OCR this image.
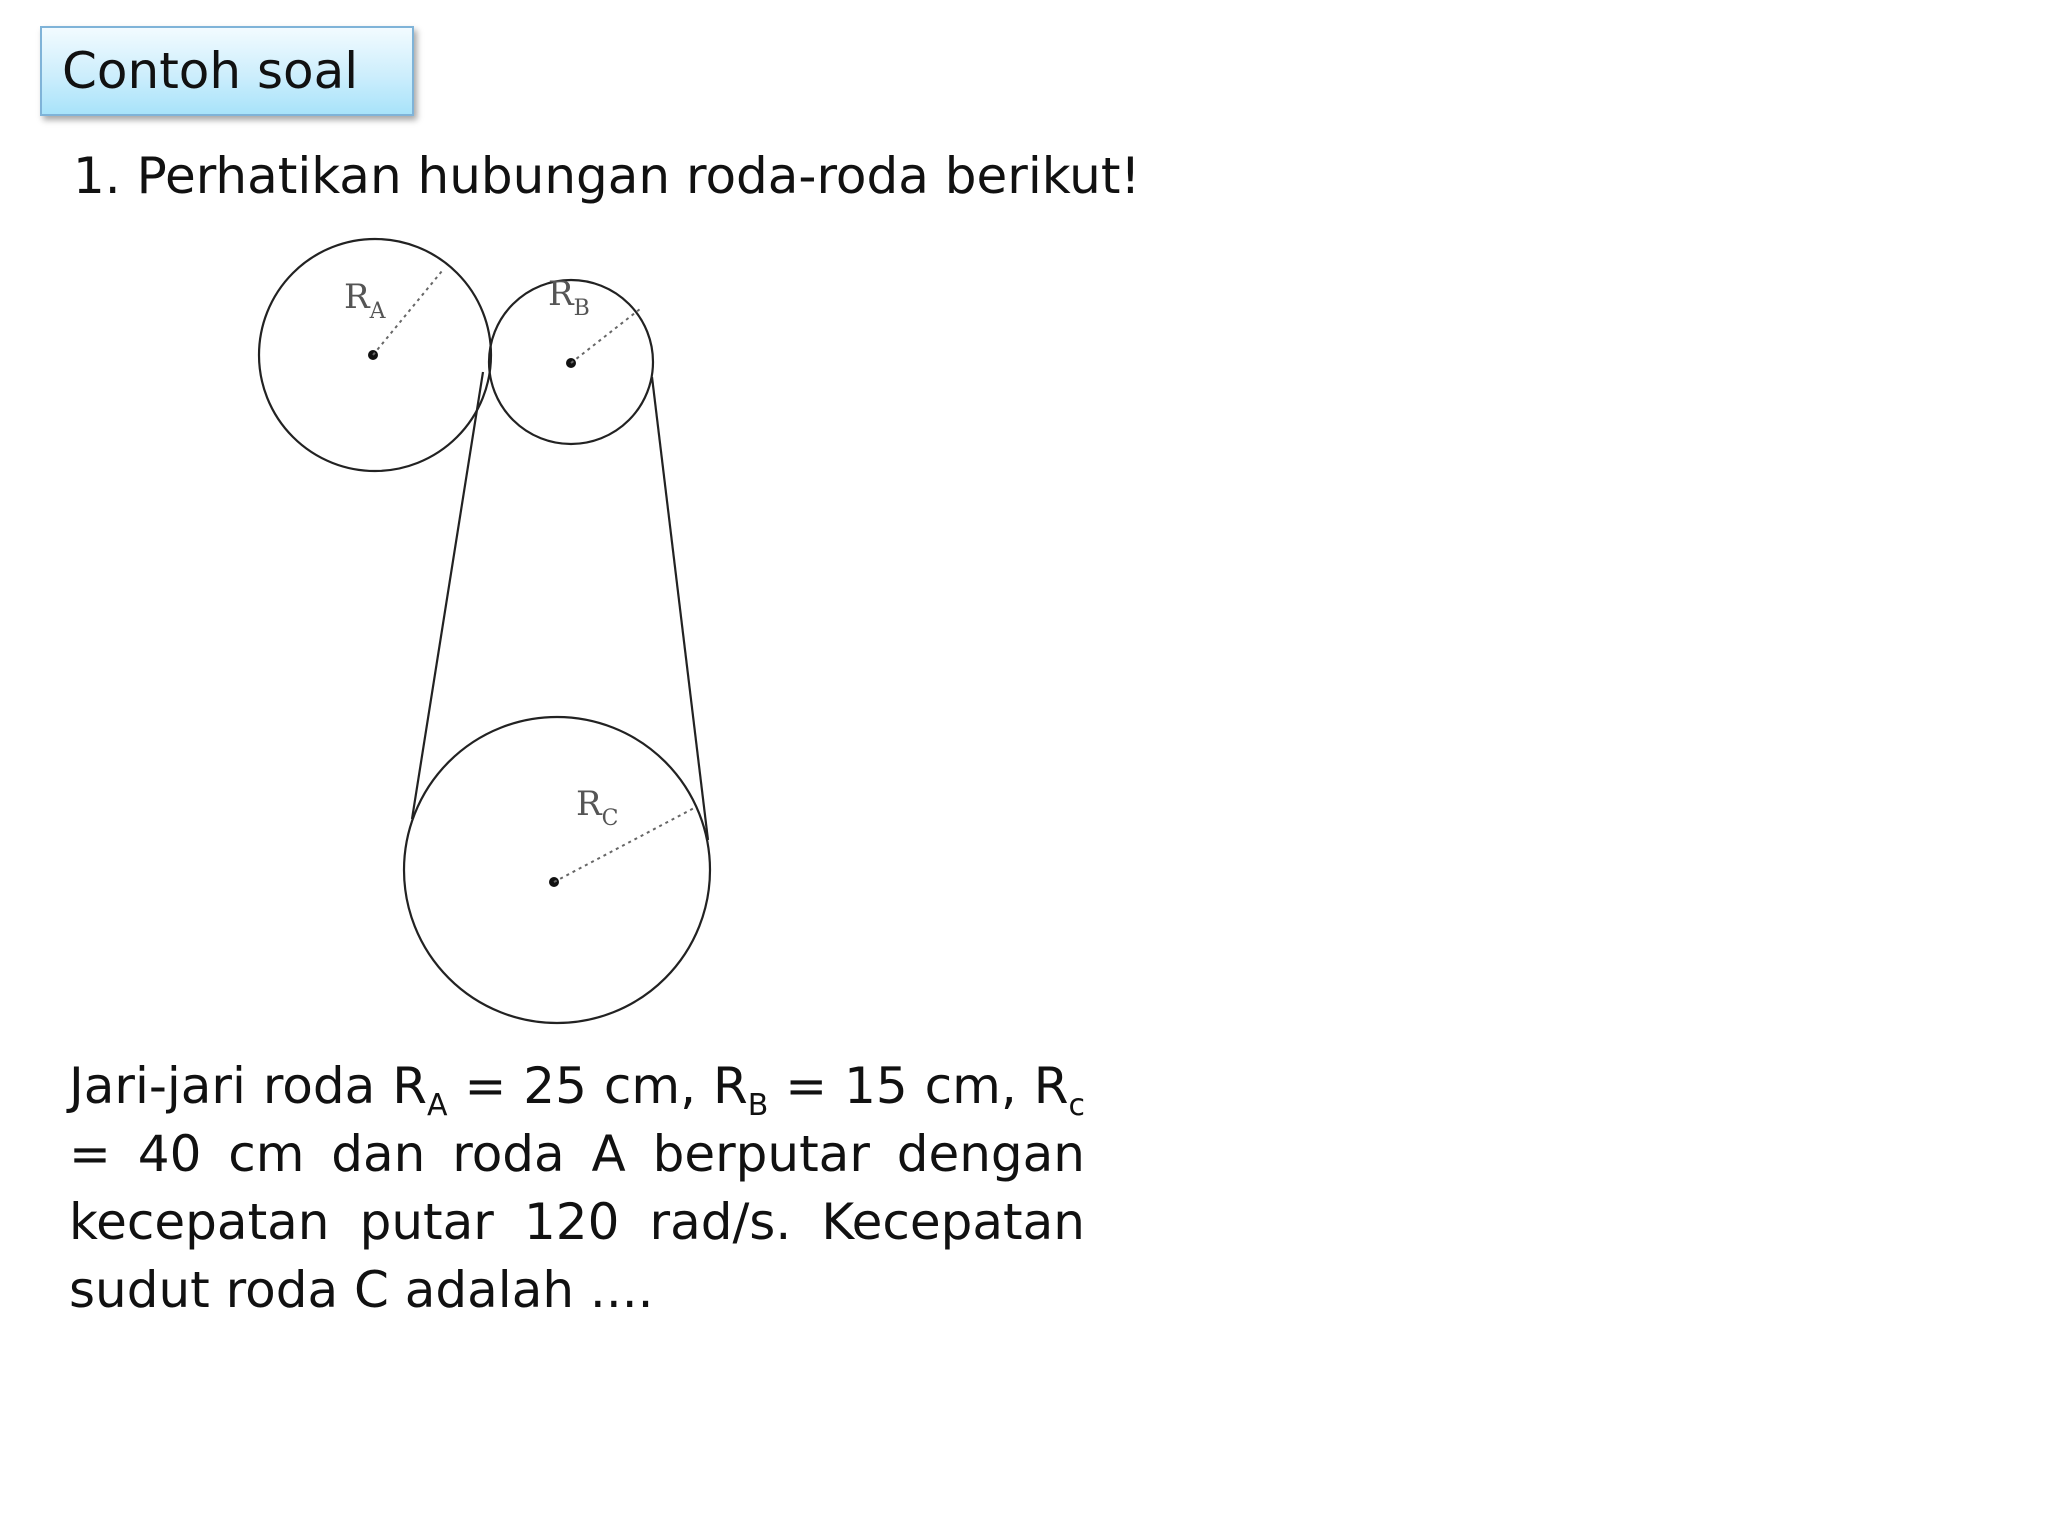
Contoh soal
1. Perhatikan hubungan roda-roda berikut!
$R_A$	$R_B$
$R_C$
Jari-jari roda $R_A = 25$ cm, $R_B = 15$ cm, $R_c = 40$ cm dan roda A berputar dengan kecepatan putar 120 rad/s. Kecepatan sudut roda C adalah ....
